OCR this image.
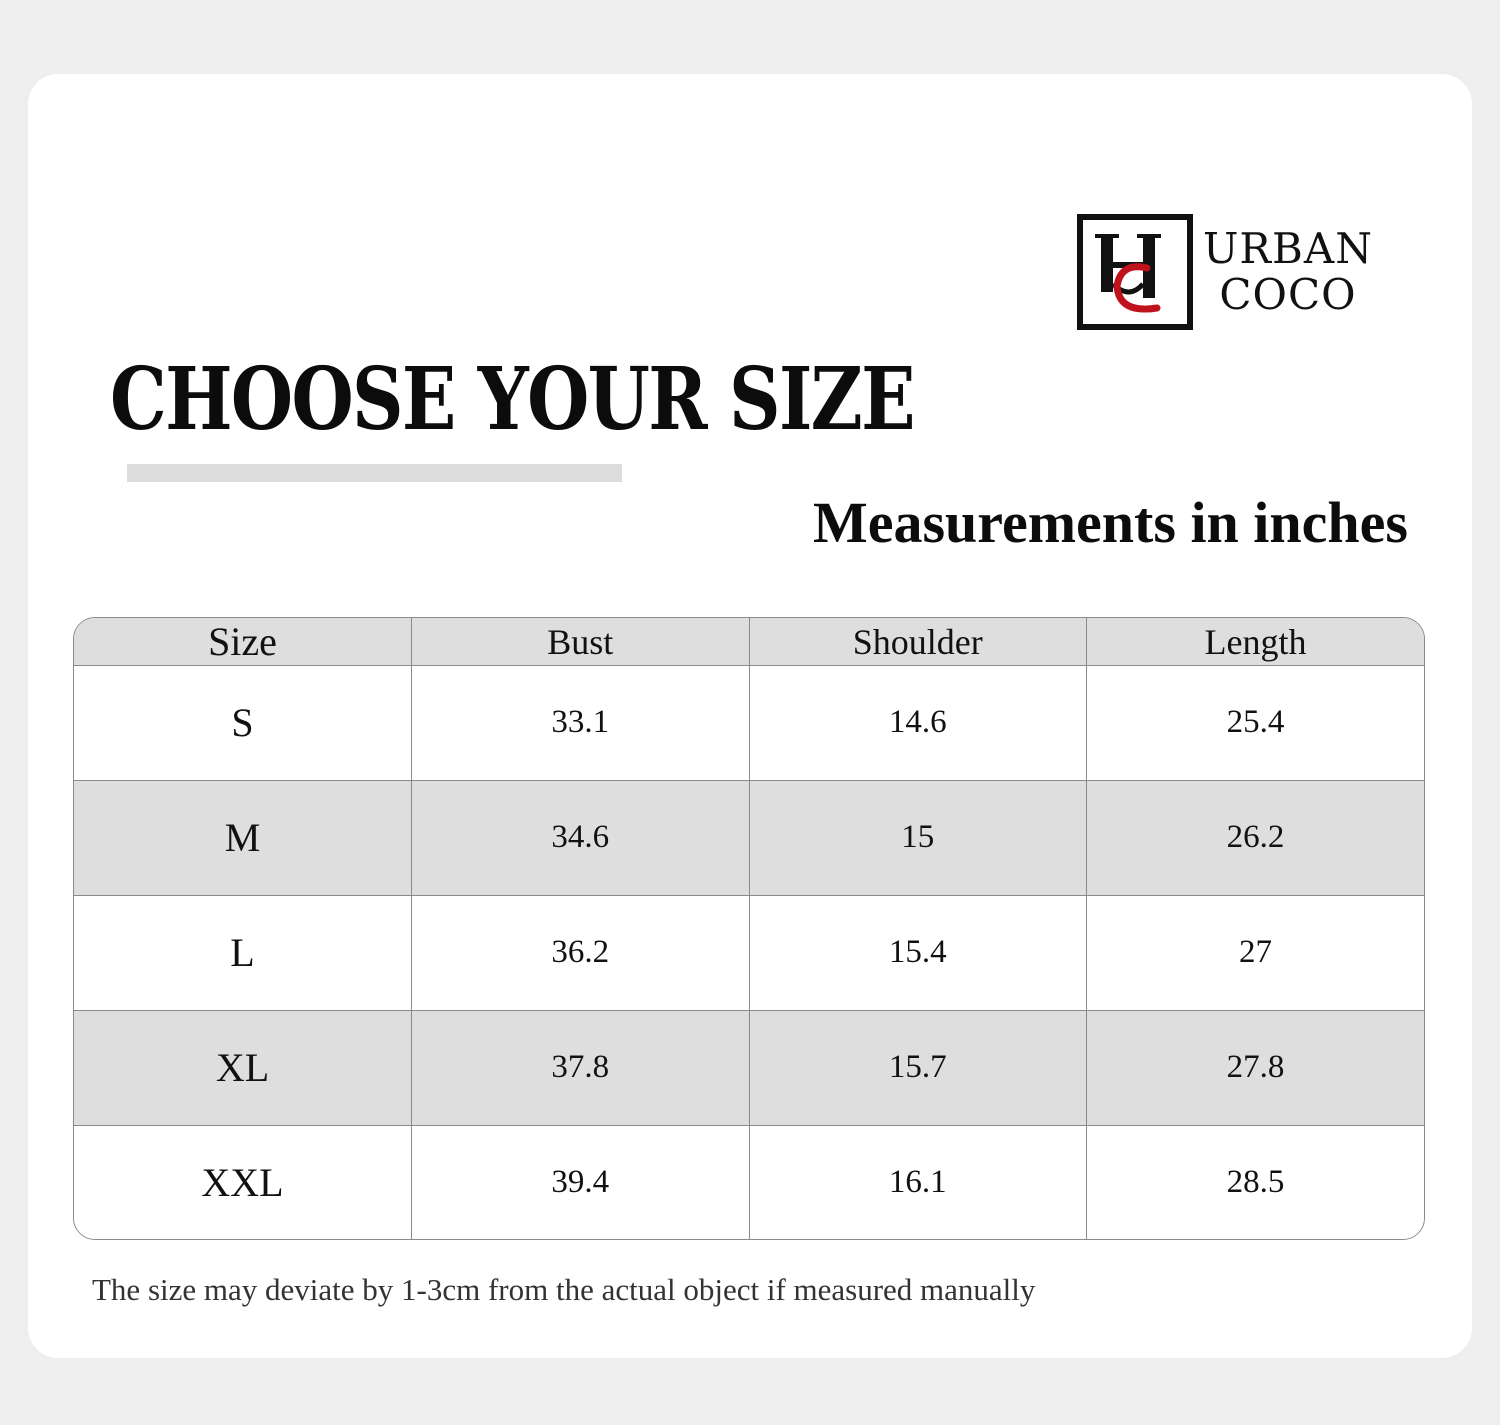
URBAN
COCO
CHOOSE YOUR SIZE
Measurements in inches
Size	Bust	Shoulder	Length
S	33.1	14.6	25.4
M	34.6	15	26.2
L	36.2	15.4	27
XL	37.8	15.7	27.8
XXL	39.4	16.1	28.5

The size may deviate by 1-3cm from the actual object if measured manually
